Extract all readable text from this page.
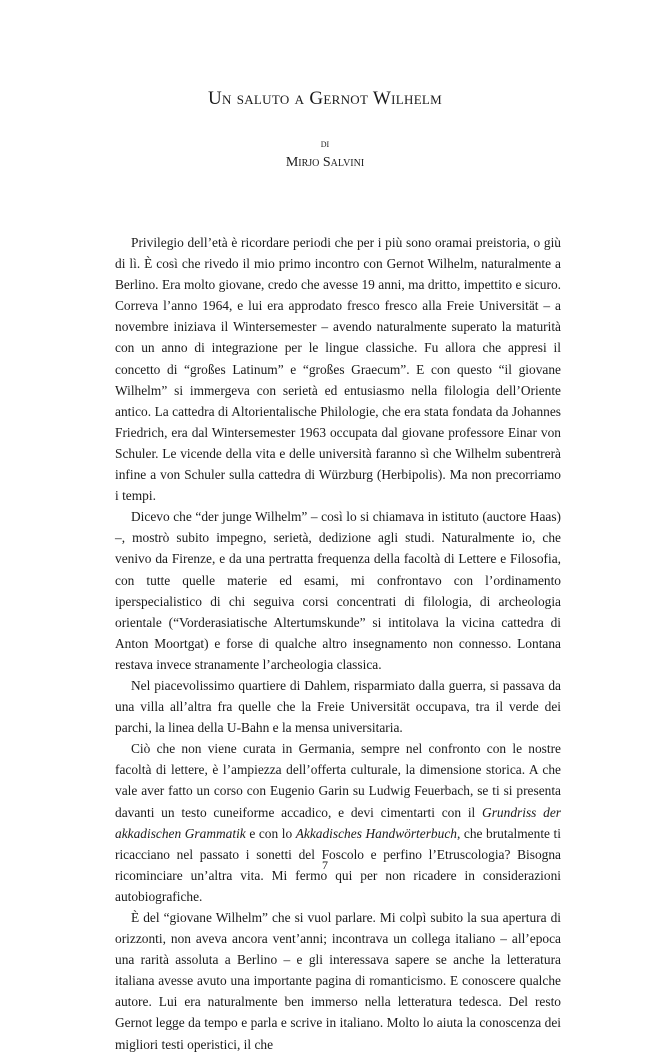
Un saluto a Gernot Wilhelm
di
Mirjo Salvini

Privilegio dell’età è ricordare periodi che per i più sono oramai preistoria, o giù di lì. È così che rivedo il mio primo incontro con Gernot Wilhelm, naturalmente a Berlino. Era molto giovane, credo che avesse 19 anni, ma dritto, impettito e sicuro. Correva l’anno 1964, e lui era approdato fresco fresco alla Freie Universität – a novembre iniziava il Wintersemester – avendo naturalmente superato la maturità con un anno di integrazione per le lingue classiche. Fu allora che appresi il concetto di “großes Latinum” e “großes Graecum”. E con questo “il giovane Wilhelm” si immergeva con serietà ed entusiasmo nella filologia dell’Oriente antico. La cattedra di Altorientalische Philologie, che era stata fondata da Johannes Friedrich, era dal Wintersemester 1963 occupata dal giovane professore Einar von Schuler. Le vicende della vita e delle università faranno sì che Wilhelm subentrerà infine a von Schuler sulla cattedra di Würzburg (Herbipolis). Ma non precorriamo i tempi.

Dicevo che “der junge Wilhelm” – così lo si chiamava in istituto (auctore Haas) –, mostrò subito impegno, serietà, dedizione agli studi. Naturalmente io, che venivo da Firenze, e da una pertratta frequenza della facoltà di Lettere e Filosofia, con tutte quelle materie ed esami, mi confrontavo con l’ordinamento iperspecialistico di chi seguiva corsi concentrati di filologia, di archeologia orientale (“Vorderasiatische Altertumskunde” si intitolava la vicina cattedra di Anton Moortgat) e forse di qualche altro insegnamento non connesso. Lontana restava invece stranamente l’archeologia classica.

Nel piacevolissimo quartiere di Dahlem, risparmiato dalla guerra, si passava da una villa all’altra fra quelle che la Freie Universität occupava, tra il verde dei parchi, la linea della U-Bahn e la mensa universitaria.

Ciò che non viene curata in Germania, sempre nel confronto con le nostre facoltà di lettere, è l’ampiezza dell’offerta culturale, la dimensione storica. A che vale aver fatto un corso con Eugenio Garin su Ludwig Feuerbach, se ti si presenta davanti un testo cuneiforme accadico, e devi cimentarti con il Grundriss der akkadischen Grammatik e con lo Akkadisches Handwörterbuch, che brutalmente ti ricacciano nel passato i sonetti del Foscolo e perfino l’Etruscologia? Bisogna ricominciare un’altra vita. Mi fermo qui per non ricadere in considerazioni autobiografiche.

È del “giovane Wilhelm” che si vuol parlare. Mi colpì subito la sua apertura di orizzonti, non aveva ancora vent’anni; incontrava un collega italiano – all’epoca una rarità assoluta a Berlino – e gli interessava sapere se anche la letteratura italiana avesse avuto una importante pagina di romanticismo. E conoscere qualche autore. Lui era naturalmente ben immerso nella letteratura tedesca. Del resto Gernot legge da tempo e parla e scrive in italiano. Molto lo aiuta la conoscenza dei migliori testi operistici, il che

7
